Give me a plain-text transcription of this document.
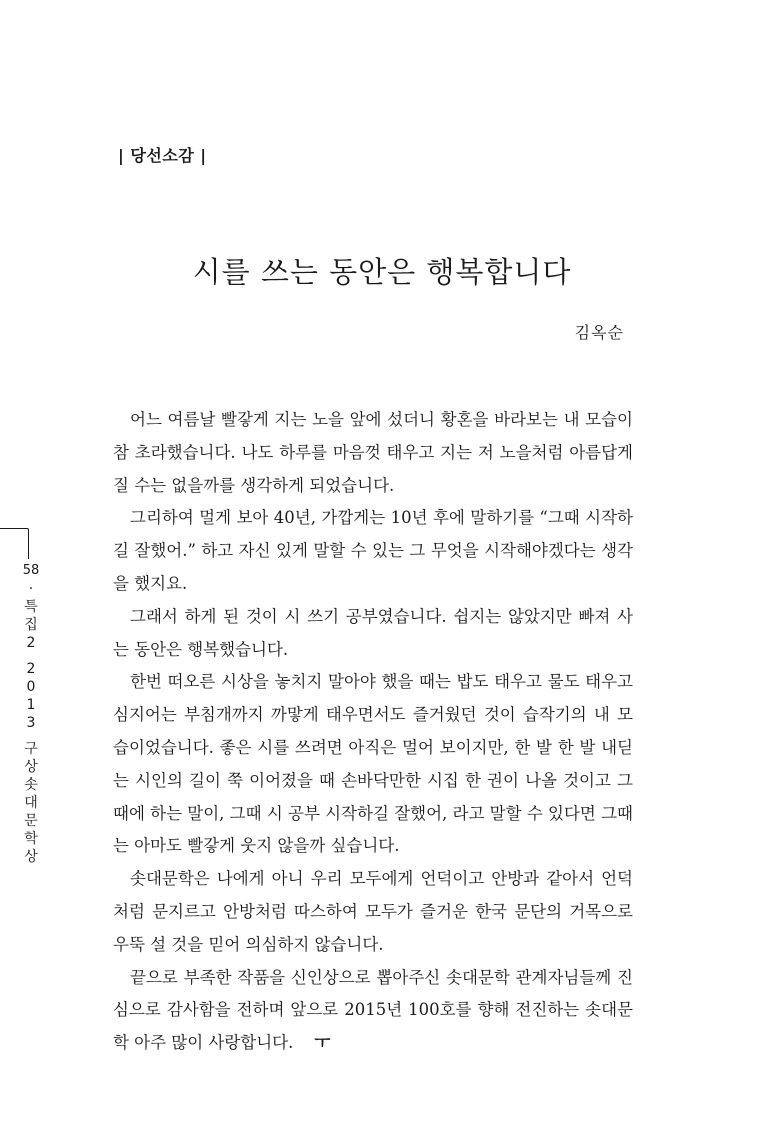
| 당선소감 |
시를 쓰는 동안은 행복합니다
김옥순

어느 여름날 빨갛게 지는 노을 앞에 섰더니 황혼을 바라보는 내 모습이 참 초라했습니다. 나도 하루를 마음껏 태우고 지는 저 노을처럼 아름답게 질 수는 없을까를 생각하게 되었습니다.

그리하여 멀게 보아 40년, 가깝게는 10년 후에 말하기를 “그때 시작하길 잘했어.” 하고 자신 있게 말할 수 있는 그 무엇을 시작해야겠다는 생각을 했지요.

그래서 하게 된 것이 시 쓰기 공부였습니다. 쉽지는 않았지만 빠져 사는 동안은 행복했습니다.

한번 떠오른 시상을 놓치지 말아야 했을 때는 밥도 태우고 물도 태우고 심지어는 부침개까지 까맣게 태우면서도 즐거웠던 것이 습작기의 내 모습이었습니다. 좋은 시를 쓰려면 아직은 멀어 보이지만, 한 발 한 발 내딛는 시인의 길이 쭉 이어졌을 때 손바닥만한 시집 한 권이 나올 것이고 그때에 하는 말이, 그때 시 공부 시작하길 잘했어, 라고 말할 수 있다면 그때는 아마도 빨갛게 웃지 않을까 싶습니다.

솟대문학은 나에게 아니 우리 모두에게 언덕이고 안방과 같아서 언덕처럼 문지르고 안방처럼 따스하여 모두가 즐거운 한국 문단의 거목으로 우뚝 설 것을 믿어 의심하지 않습니다.

끝으로 부족한 작품을 신인상으로 뽑아주신 솟대문학 관계자님들께 진심으로 감사함을 전하며 앞으로 2015년 100호를 향해 전진하는 솟대문학 아주 많이 사랑합니다. ㅜ

58
·
특
집
2
2
0
1
3
구
상
솟
대
문
학
상
